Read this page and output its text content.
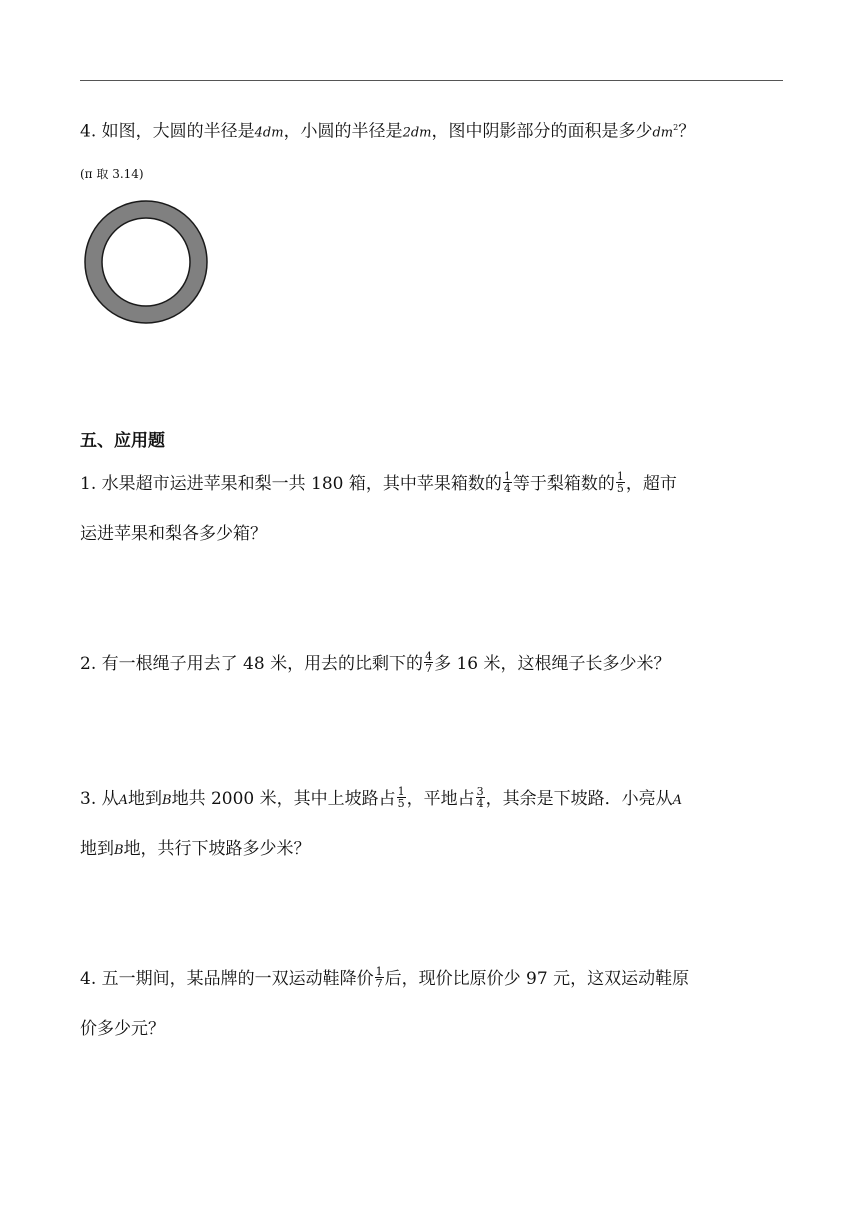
4. 如图，大圆的半径是4dm，小圆的半径是2dm，图中阴影部分的面积是多少$dm^2$？
(π 取 3.14)
五、应用题
1. 水果超市运进苹果和梨一共 180 箱，其中苹果箱数的 $\frac{1}{4}$ 等于梨箱数的 $\frac{1}{5}$ ，超市
运进苹果和梨各多少箱？
2. 有一根绳子用去了 48 米，用去的比剩下的 $\frac{4}{7}$ 多 16 米，这根绳子长多少米？
3. 从A地到B地共 2000 米，其中上坡路占 $\frac{1}{5}$ ，平地占 $\frac{3}{4}$ ，其余是下坡路．小亮从A
地到B地，共行下坡路多少米？
4. 五一期间，某品牌的一双运动鞋降价 $\frac{1}{7}$ 后，现价比原价少 97 元，这双运动鞋原
价多少元？
